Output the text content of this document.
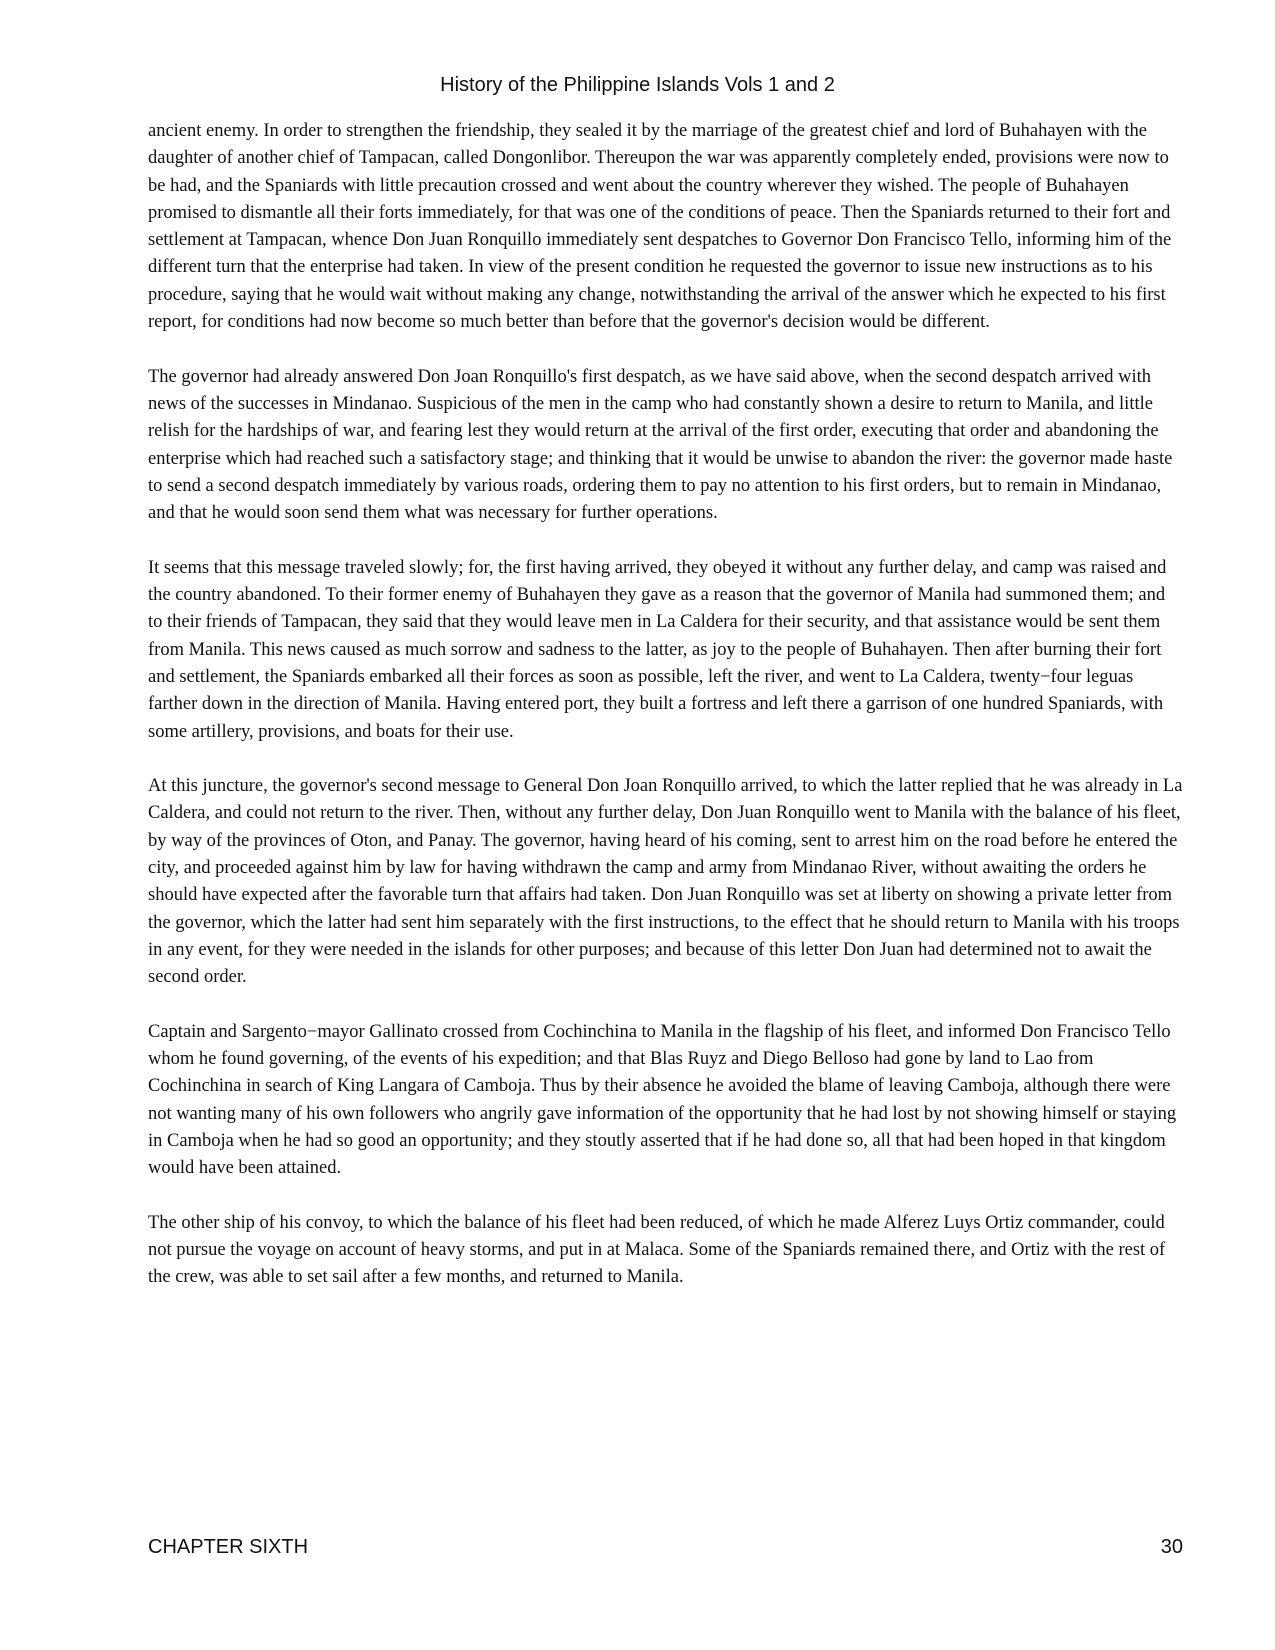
History of the Philippine Islands Vols 1 and 2

ancient enemy. In order to strengthen the friendship, they sealed it by the marriage of the greatest chief and lord of Buhahayen with the daughter of another chief of Tampacan, called Dongonlibor. Thereupon the war was apparently completely ended, provisions were now to be had, and the Spaniards with little precaution crossed and went about the country wherever they wished. The people of Buhahayen promised to dismantle all their forts immediately, for that was one of the conditions of peace. Then the Spaniards returned to their fort and settlement at Tampacan, whence Don Juan Ronquillo immediately sent despatches to Governor Don Francisco Tello, informing him of the different turn that the enterprise had taken. In view of the present condition he requested the governor to issue new instructions as to his procedure, saying that he would wait without making any change, notwithstanding the arrival of the answer which he expected to his first report, for conditions had now become so much better than before that the governor's decision would be different.

The governor had already answered Don Joan Ronquillo's first despatch, as we have said above, when the second despatch arrived with news of the successes in Mindanao. Suspicious of the men in the camp who had constantly shown a desire to return to Manila, and little relish for the hardships of war, and fearing lest they would return at the arrival of the first order, executing that order and abandoning the enterprise which had reached such a satisfactory stage; and thinking that it would be unwise to abandon the river: the governor made haste to send a second despatch immediately by various roads, ordering them to pay no attention to his first orders, but to remain in Mindanao, and that he would soon send them what was necessary for further operations.

It seems that this message traveled slowly; for, the first having arrived, they obeyed it without any further delay, and camp was raised and the country abandoned. To their former enemy of Buhahayen they gave as a reason that the governor of Manila had summoned them; and to their friends of Tampacan, they said that they would leave men in La Caldera for their security, and that assistance would be sent them from Manila. This news caused as much sorrow and sadness to the latter, as joy to the people of Buhahayen. Then after burning their fort and settlement, the Spaniards embarked all their forces as soon as possible, left the river, and went to La Caldera, twenty−four leguas farther down in the direction of Manila. Having entered port, they built a fortress and left there a garrison of one hundred Spaniards, with some artillery, provisions, and boats for their use.

At this juncture, the governor's second message to General Don Joan Ronquillo arrived, to which the latter replied that he was already in La Caldera, and could not return to the river. Then, without any further delay, Don Juan Ronquillo went to Manila with the balance of his fleet, by way of the provinces of Oton, and Panay. The governor, having heard of his coming, sent to arrest him on the road before he entered the city, and proceeded against him by law for having withdrawn the camp and army from Mindanao River, without awaiting the orders he should have expected after the favorable turn that affairs had taken. Don Juan Ronquillo was set at liberty on showing a private letter from the governor, which the latter had sent him separately with the first instructions, to the effect that he should return to Manila with his troops in any event, for they were needed in the islands for other purposes; and because of this letter Don Juan had determined not to await the second order.

Captain and Sargento−mayor Gallinato crossed from Cochinchina to Manila in the flagship of his fleet, and informed Don Francisco Tello whom he found governing, of the events of his expedition; and that Blas Ruyz and Diego Belloso had gone by land to Lao from Cochinchina in search of King Langara of Camboja. Thus by their absence he avoided the blame of leaving Camboja, although there were not wanting many of his own followers who angrily gave information of the opportunity that he had lost by not showing himself or staying in Camboja when he had so good an opportunity; and they stoutly asserted that if he had done so, all that had been hoped in that kingdom would have been attained.

The other ship of his convoy, to which the balance of his fleet had been reduced, of which he made Alferez Luys Ortiz commander, could not pursue the voyage on account of heavy storms, and put in at Malaca. Some of the Spaniards remained there, and Ortiz with the rest of the crew, was able to set sail after a few months, and returned to Manila.

CHAPTER SIXTH	30
